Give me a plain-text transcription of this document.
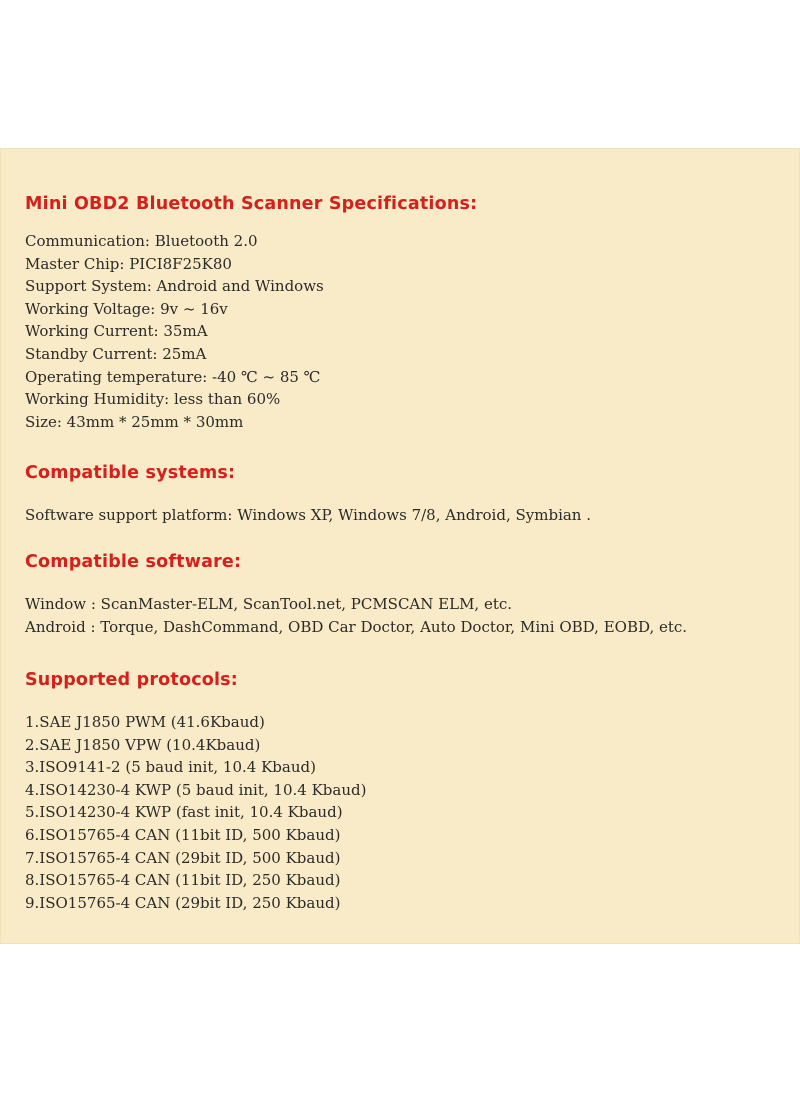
Mini OBD2 Bluetooth Scanner Specifications:
Communication: Bluetooth 2.0
Master Chip: PICI8F25K80
Support System: Android and Windows
Working Voltage: 9v ~ 16v
Working Current: 35mA
Standby Current: 25mA
Operating temperature: -40 ℃ ~ 85 ℃
Working Humidity: less than 60%
Size: 43mm * 25mm * 30mm
Compatible systems:
Software support platform: Windows XP, Windows 7/8, Android, Symbian .
Compatible software:
Window : ScanMaster-ELM, ScanTool.net, PCMSCAN ELM, etc.
Android : Torque, DashCommand, OBD Car Doctor, Auto Doctor, Mini OBD, EOBD, etc.
Supported protocols:
1.SAE J1850 PWM (41.6Kbaud)
2.SAE J1850 VPW (10.4Kbaud)
3.ISO9141-2 (5 baud init, 10.4 Kbaud)
4.ISO14230-4 KWP (5 baud init, 10.4 Kbaud)
5.ISO14230-4 KWP (fast init, 10.4 Kbaud)
6.ISO15765-4 CAN (11bit ID, 500 Kbaud)
7.ISO15765-4 CAN (29bit ID, 500 Kbaud)
8.ISO15765-4 CAN (11bit ID, 250 Kbaud)
9.ISO15765-4 CAN (29bit ID, 250 Kbaud)
